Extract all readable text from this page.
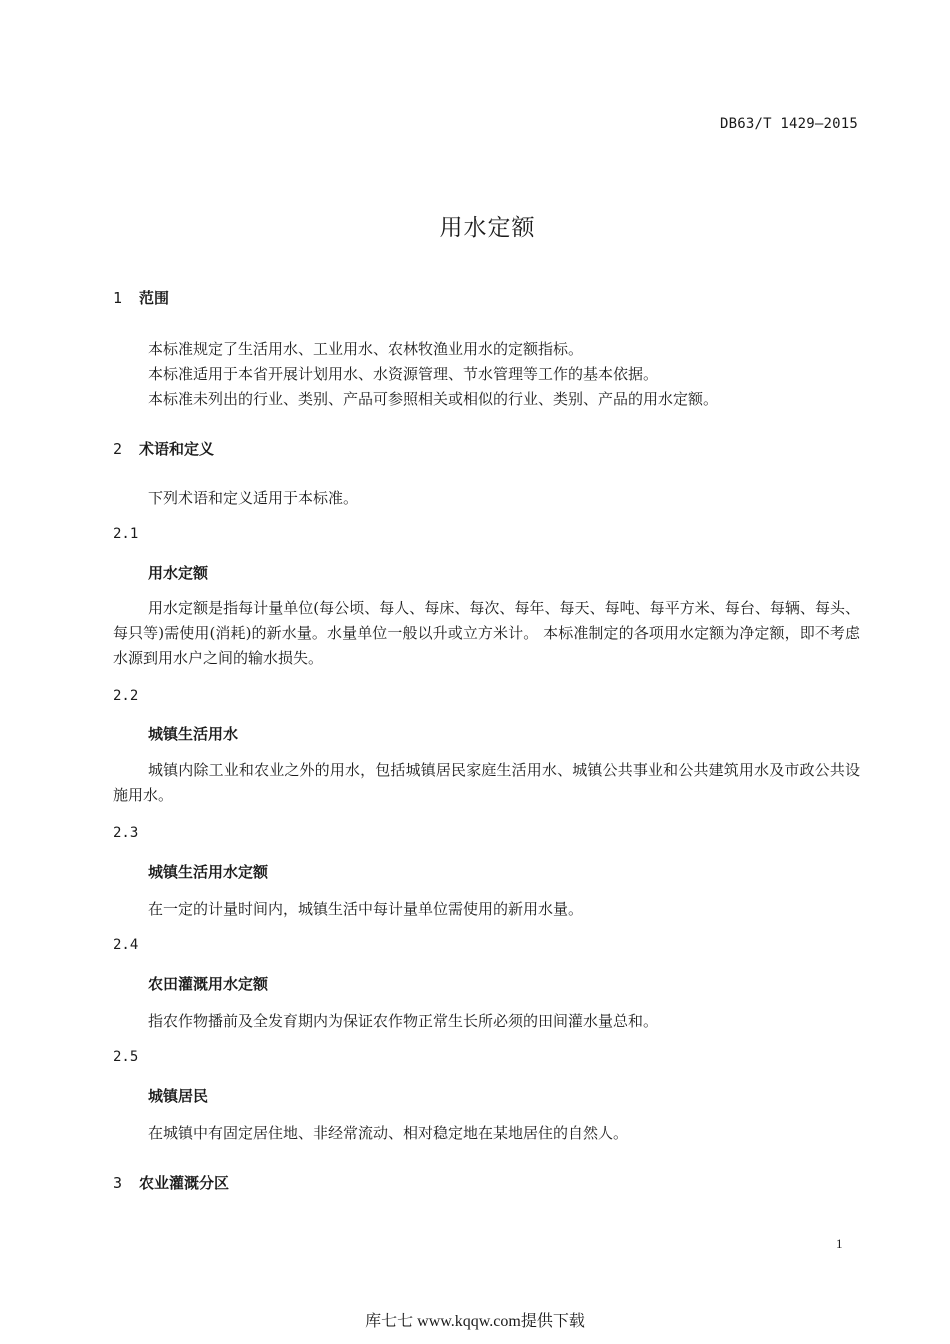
DB63/T 1429—2015
用水定额
1 范围
本标准规定了生活用水、工业用水、农林牧渔业用水的定额指标。
本标准适用于本省开展计划用水、水资源管理、节水管理等工作的基本依据。
本标准未列出的行业、类别、产品可参照相关或相似的行业、类别、产品的用水定额。
2 术语和定义
下列术语和定义适用于本标准。
2.1
用水定额
用水定额是指每计量单位(每公顷、每人、每床、每次、每年、每天、每吨、每平方米、每台、每辆、每头、每只等)需使用(消耗)的新水量。水量单位一般以升或立方米计。 本标准制定的各项用水定额为净定额，即不考虑水源到用水户之间的输水损失。
2.2
城镇生活用水
城镇内除工业和农业之外的用水，包括城镇居民家庭生活用水、城镇公共事业和公共建筑用水及市政公共设施用水。
2.3
城镇生活用水定额
在一定的计量时间内，城镇生活中每计量单位需使用的新用水量。
2.4
农田灌溉用水定额
指农作物播前及全发育期内为保证农作物正常生长所必须的田间灌水量总和。
2.5
城镇居民
在城镇中有固定居住地、非经常流动、相对稳定地在某地居住的自然人。
3 农业灌溉分区
1
库七七 www.kqqw.com提供下载
